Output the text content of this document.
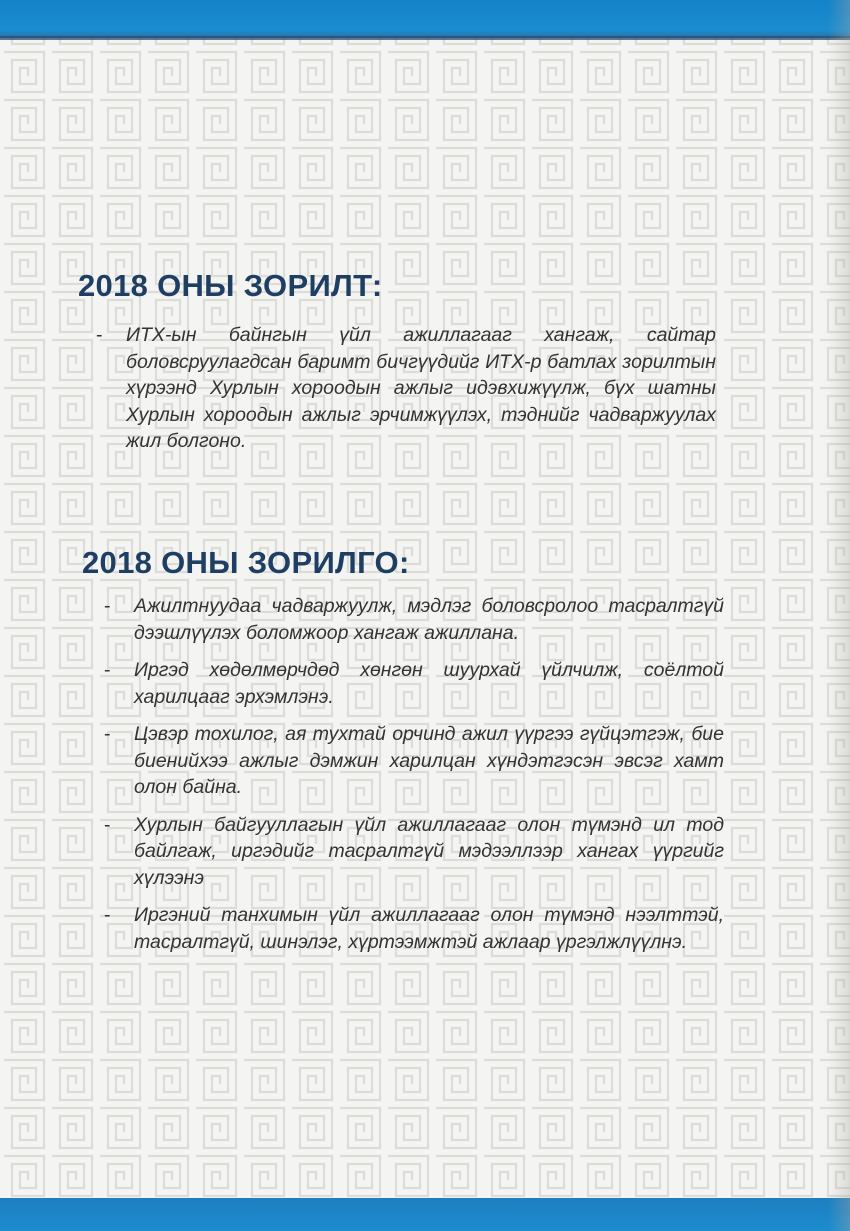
2018 ОНЫ ЗОРИЛТ:
- ИТХ-ын байнгын үйл ажиллагааг хангаж, сайтар боловсруулагдсан баримт бичгүүдийг ИТХ-р батлах зорилтын хүрээнд Хурлын хороодын ажлыг идэвхижүүлж, бүх шатны Хурлын хороодын ажлыг эрчимжүүлэх, тэднийг чадваржуулах жил болгоно.
2018 ОНЫ ЗОРИЛГО:
- Ажилтнуудаа чадваржуулж, мэдлэг боловсролоо тасралтгүй дээшлүүлэх боломжоор хангаж ажиллана.
- Иргэд хөдөлмөрчдөд хөнгөн шуурхай үйлчилж, соёлтой харилцааг эрхэмлэнэ.
- Цэвэр тохилог, ая тухтай орчинд ажил үүргээ гүйцэтгэж, бие биенийхээ ажлыг дэмжин харилцан хүндэтгэсэн эвсэг хамт олон байна.
- Хурлын байгууллагын үйл ажиллагааг олон түмэнд ил тод байлгаж, иргэдийг тасралтгүй мэдээллээр хангах үүргийг хүлээнэ
- Иргэний танхимын үйл ажиллагааг олон түмэнд нээлттэй, тасралтгүй, шинэлэг, хүртээмжтэй ажлаар үргэлжлүүлнэ.
